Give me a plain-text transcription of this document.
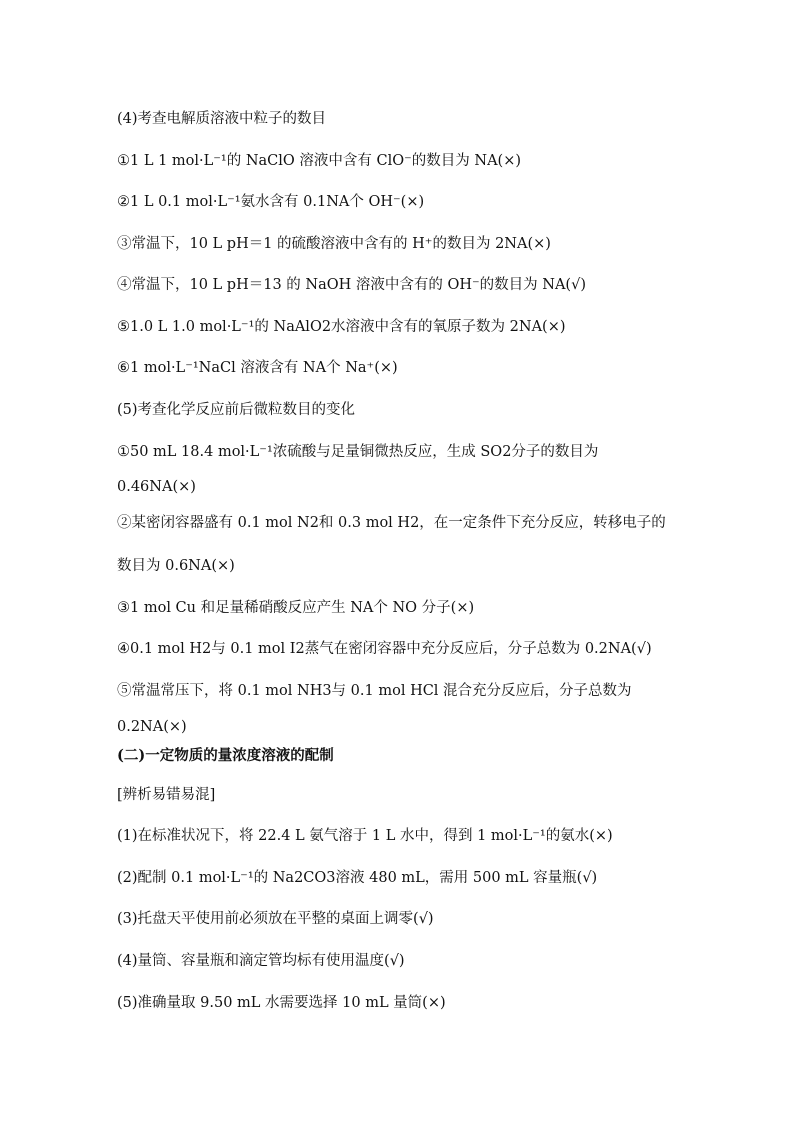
(4)考查电解质溶液中粒子的数目
①1 L 1 mol·L⁻¹的 NaClO 溶液中含有 ClO⁻的数目为 NA(×)
②1 L 0.1 mol·L⁻¹氨水含有 0.1NA个 OH⁻(×)
③常温下，10 L pH＝1 的硫酸溶液中含有的 H⁺的数目为 2NA(×)
④常温下，10 L pH＝13 的 NaOH 溶液中含有的 OH⁻的数目为 NA(√)
⑤1.0 L 1.0 mol·L⁻¹的 NaAlO2水溶液中含有的氧原子数为 2NA(×)
⑥1 mol·L⁻¹NaCl 溶液含有 NA个 Na⁺(×)
(5)考查化学反应前后微粒数目的变化
①50 mL 18.4 mol·L⁻¹浓硫酸与足量铜微热反应，生成 SO2分子的数目为
0.46NA(×)
②某密闭容器盛有 0.1 mol N2和 0.3 mol H2，在一定条件下充分反应，转移电子的
数目为 0.6NA(×)
③1 mol Cu 和足量稀硝酸反应产生 NA个 NO 分子(×)
④0.1 mol H2与 0.1 mol I2蒸气在密闭容器中充分反应后，分子总数为 0.2NA(√)
⑤常温常压下，将 0.1 mol NH3与 0.1 mol HCl 混合充分反应后，分子总数为
0.2NA(×)
(二)一定物质的量浓度溶液的配制
[辨析易错易混]
(1)在标准状况下，将 22.4 L 氨气溶于 1 L 水中，得到 1 mol·L⁻¹的氨水(×)
(2)配制 0.1 mol·L⁻¹的 Na2CO3溶液 480 mL，需用 500 mL 容量瓶(√)
(3)托盘天平使用前必须放在平整的桌面上调零(√)
(4)量筒、容量瓶和滴定管均标有使用温度(√)
(5)准确量取 9.50 mL 水需要选择 10 mL 量筒(×)
